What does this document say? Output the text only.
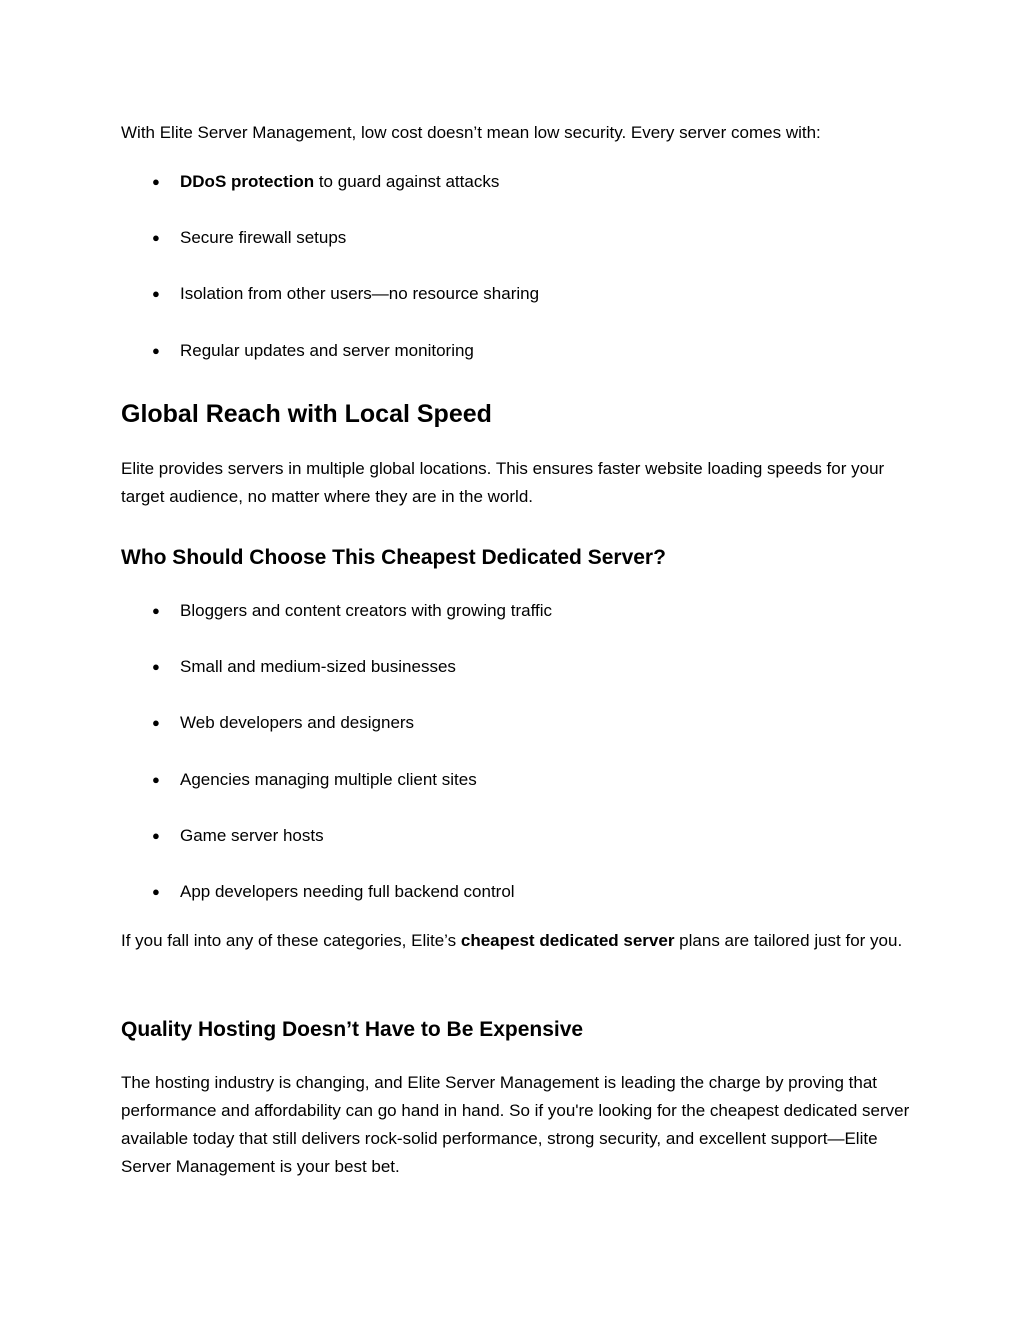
With Elite Server Management, low cost doesn’t mean low security. Every server comes with:

● DDoS protection to guard against attacks

● Secure firewall setups

● Isolation from other users—no resource sharing

● Regular updates and server monitoring

Global Reach with Local Speed

Elite provides servers in multiple global locations. This ensures faster website loading speeds for your target audience, no matter where they are in the world.

Who Should Choose This Cheapest Dedicated Server?

● Bloggers and content creators with growing traffic

● Small and medium-sized businesses

● Web developers and designers

● Agencies managing multiple client sites

● Game server hosts

● App developers needing full backend control

If you fall into any of these categories, Elite’s cheapest dedicated server plans are tailored just for you.

Quality Hosting Doesn’t Have to Be Expensive

The hosting industry is changing, and Elite Server Management is leading the charge by proving that performance and affordability can go hand in hand. So if you're looking for the cheapest dedicated server available today that still delivers rock-solid performance, strong security, and excellent support—Elite Server Management is your best bet.
